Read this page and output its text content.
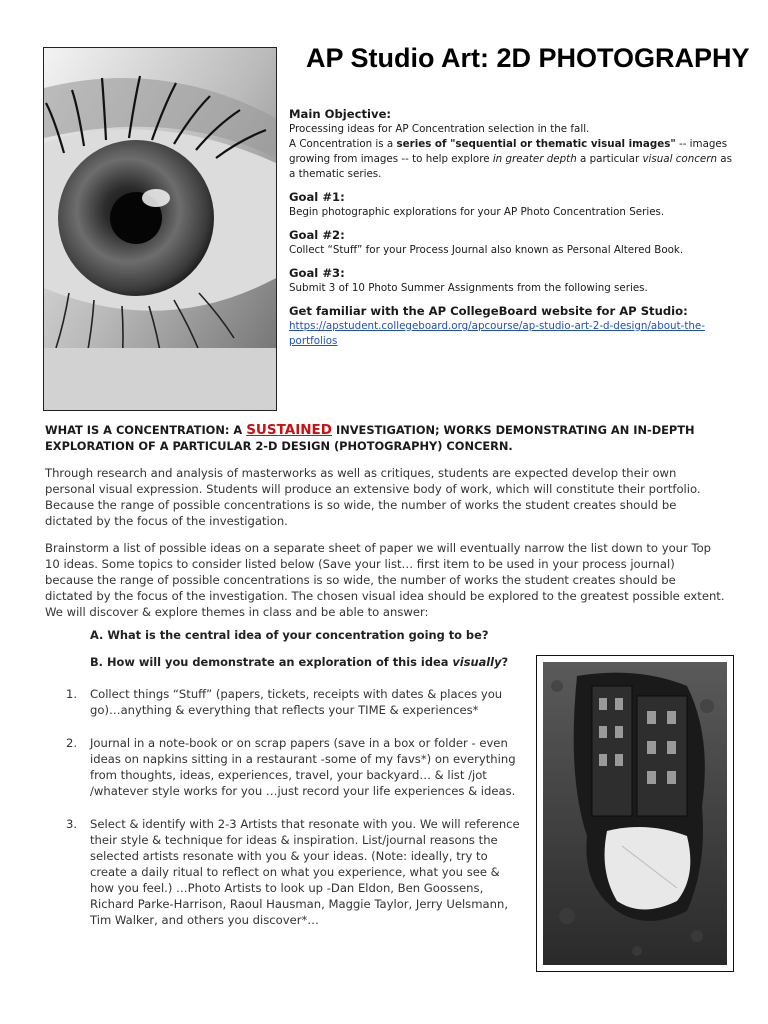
AP Studio Art: 2D PHOTOGRAPHY
Main Objective:
Processing ideas for AP Concentration selection in the fall.
A Concentration is a series of "sequential or thematic visual images" -- images growing from images -- to help explore in greater depth a particular visual concern as a thematic series.
Goal #1:
Begin photographic explorations for your AP Photo Concentration Series.
Goal #2:
Collect “Stuff” for your Process Journal also known as Personal Altered Book.
Goal #3:
Submit 3 of 10 Photo Summer Assignments from the following series.
Get familiar with the AP CollegeBoard website for AP Studio:
https://apstudent.collegeboard.org/apcourse/ap-studio-art-2-d-design/about-the-portfolios
WHAT IS A CONCENTRATION: A SUSTAINED INVESTIGATION; WORKS DEMONSTRATING AN IN-DEPTH EXPLORATION OF A PARTICULAR 2-D DESIGN (PHOTOGRAPHY) CONCERN.
Through research and analysis of masterworks as well as critiques, students are expected develop their own personal visual expression. Students will produce an extensive body of work, which will constitute their portfolio. Because the range of possible concentrations is so wide, the number of works the student creates should be dictated by the focus of the investigation.
Brainstorm a list of possible ideas on a separate sheet of paper we will eventually narrow the list down to your Top 10 ideas. Some topics to consider listed below (Save your list… first item to be used in your process journal) because the range of possible concentrations is so wide, the number of works the student creates should be dictated by the focus of the investigation. The chosen visual idea should be explored to the greatest possible extent. We will discover & explore themes in class and be able to answer:
A. What is the central idea of your concentration going to be?
B. How will you demonstrate an exploration of this idea visually?
1.	Collect things “Stuff” (papers, tickets, receipts with dates & places you go)…anything & everything that reflects your TIME & experiences*
2.	Journal in a note-book or on scrap papers (save in a box or folder - even ideas on napkins sitting in a restaurant -some of my favs*) on everything from thoughts, ideas, experiences, travel, your backyard… & list /jot /whatever style works for you …just record your life experiences & ideas.
3.	Select & identify with 2-3 Artists that resonate with you. We will reference their style & technique for ideas & inspiration. List/journal reasons the selected artists resonate with you & your ideas. (Note: ideally, try to create a daily ritual to reflect on what you experience, what you see & how you feel.) …Photo Artists to look up -Dan Eldon, Ben Goossens, Richard Parke-Harrison, Raoul Hausman, Maggie Taylor, Jerry Uelsmann, Tim Walker, and others you discover*…
